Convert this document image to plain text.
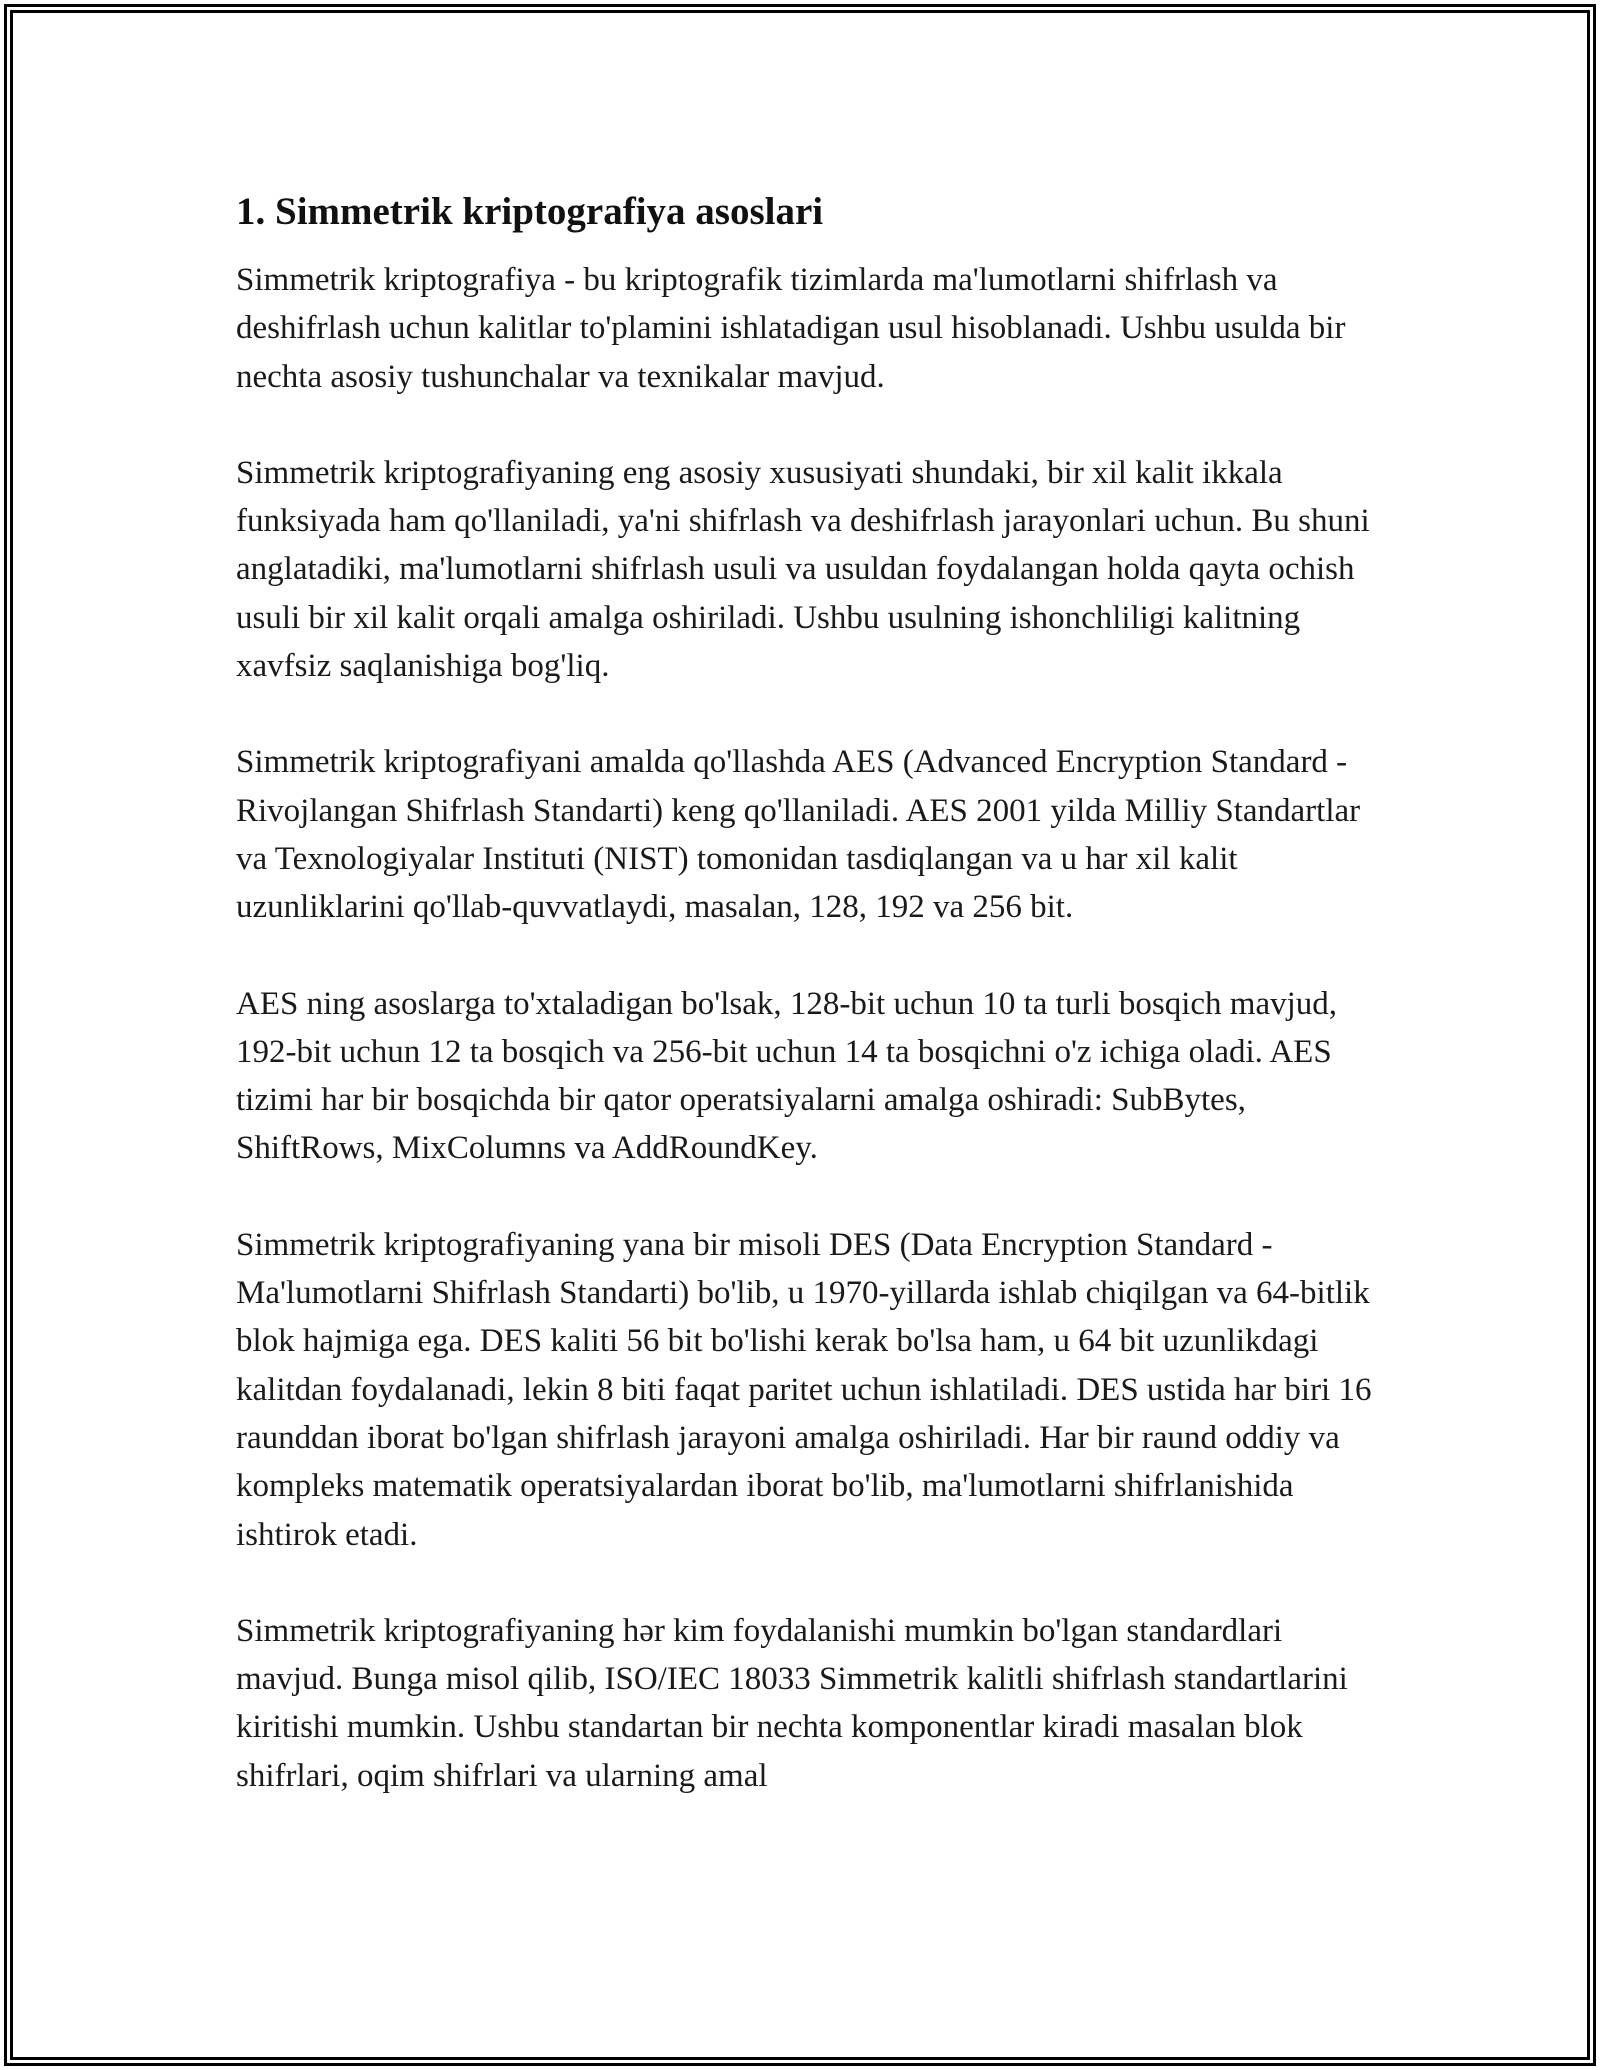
1. Simmetrik kriptografiya asoslari

Simmetrik kriptografiya - bu kriptografik tizimlarda ma'lumotlarni shifrlash va deshifrlash uchun kalitlar to'plamini ishlatadigan usul hisoblanadi. Ushbu usulda bir nechta asosiy tushunchalar va texnikalar mavjud.

Simmetrik kriptografiyaning eng asosiy xususiyati shundaki, bir xil kalit ikkala funksiyada ham qo'llaniladi, ya'ni shifrlash va deshifrlash jarayonlari uchun. Bu shuni anglatadiki, ma'lumotlarni shifrlash usuli va usuldan foydalangan holda qayta ochish usuli bir xil kalit orqali amalga oshiriladi. Ushbu usulning ishonchliligi kalitning xavfsiz saqlanishiga bog'liq.

Simmetrik kriptografiyani amalda qo'llashda AES (Advanced Encryption Standard - Rivojlangan Shifrlash Standarti) keng qo'llaniladi. AES 2001 yilda Milliy Standartlar va Texnologiyalar Instituti (NIST) tomonidan tasdiqlangan va u har xil kalit uzunliklarini qo'llab-quvvatlaydi, masalan, 128, 192 va 256 bit.

AES ning asoslarga to'xtaladigan bo'lsak, 128-bit uchun 10 ta turli bosqich mavjud, 192-bit uchun 12 ta bosqich va 256-bit uchun 14 ta bosqichni o'z ichiga oladi. AES tizimi har bir bosqichda bir qator operatsiyalarni amalga oshiradi: SubBytes, ShiftRows, MixColumns va AddRoundKey.

Simmetrik kriptografiyaning yana bir misoli DES (Data Encryption Standard - Ma'lumotlarni Shifrlash Standarti) bo'lib, u 1970-yillarda ishlab chiqilgan va 64-bitlik blok hajmiga ega. DES kaliti 56 bit bo'lishi kerak bo'lsa ham, u 64 bit uzunlikdagi kalitdan foydalanadi, lekin 8 biti faqat paritet uchun ishlatiladi. DES ustida har biri 16 raunddan iborat bo'lgan shifrlash jarayoni amalga oshiriladi. Har bir raund oddiy va kompleks matematik operatsiyalardan iborat bo'lib, ma'lumotlarni shifrlanishida ishtirok etadi.

Simmetrik kriptografiyaning hər kim foydalanishi mumkin bo'lgan standardlari mavjud. Bunga misol qilib, ISO/IEC 18033 Simmetrik kalitli shifrlash standartlarini kiritishi mumkin. Ushbu standartan bir nechta komponentlar kiradi masalan blok shifrlari, oqim shifrlari va ularning amal
